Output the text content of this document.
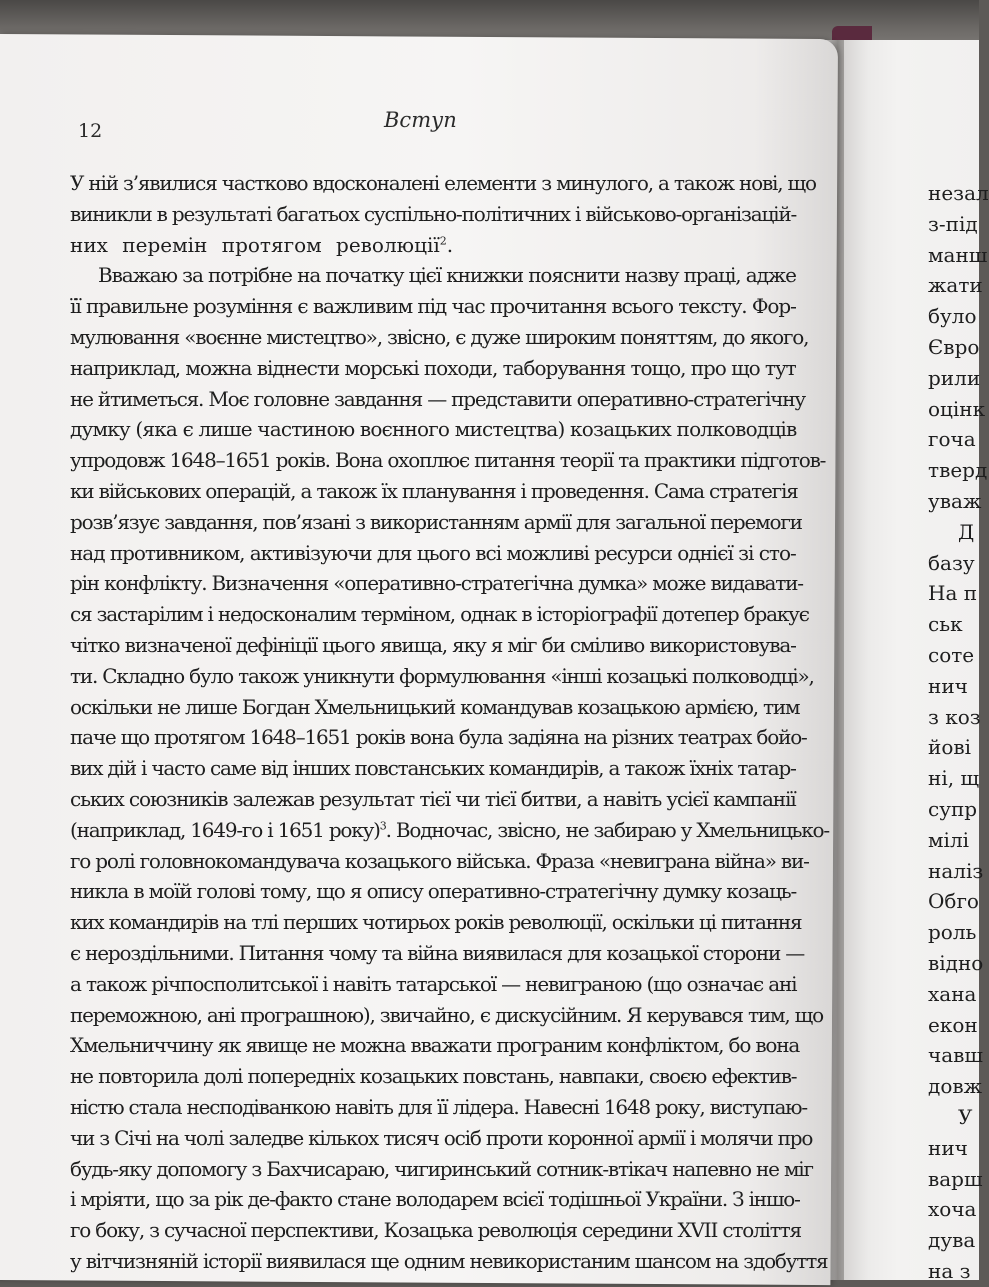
12	Вступ
У ній з’явилися частково вдосконалені елементи з минулого, а також нові, що
виникли в результаті багатьох суспільно-політичних і військово-організацій-
них перемін протягом революції$^2$.
Вважаю за потрібне на початку цієї книжки пояснити назву праці, адже
її правильне розуміння є важливим під час прочитання всього тексту. Фор-
мулювання «воєнне мистецтво», звісно, є дуже широким поняттям, до якого,
наприклад, можна віднести морські походи, таборування тощо, про що тут
не йтиметься. Моє головне завдання — представити оперативно-стратегічну
думку (яка є лише частиною воєнного мистецтва) козацьких полководців
упродовж 1648–1651 років. Вона охоплює питання теорії та практики підготов-
ки військових операцій, а також їх планування і проведення. Сама стратегія
розв’язує завдання, пов’язані з використанням армії для загальної перемоги
над противником, активізуючи для цього всі можливі ресурси однієї зі сто-
рін конфлікту. Визначення «оперативно-стратегічна думка» може видавати-
ся застарілим і недосконалим терміном, однак в історіографії дотепер бракує
чітко визначеної дефініції цього явища, яку я міг би сміливо використовува-
ти. Складно було також уникнути формулювання «інші козацькі полководці»,
оскільки не лише Богдан Хмельницький командував козацькою армією, тим
паче що протягом 1648–1651 років вона була задіяна на різних театрах бойо-
вих дій і часто саме від інших повстанських командирів, а також їхніх татар-
ських союзників залежав результат тієї чи тієї битви, а навіть усієї кампанії
(наприклад, 1649-го і 1651 року)$^3$. Водночас, звісно, не забираю у Хмельницько-
го ролі головнокомандувача козацького війська. Фраза «невиграна війна» ви-
никла в моїй голові тому, що я опису оперативно-стратегічну думку козаць-
ких командирів на тлі перших чотирьох років революції, оскільки ці питання
є нероздільними. Питання чому та війна виявилася для козацької сторони —
а також річпосполитської і навіть татарської — невиграною (що означає ані
переможною, ані програшною), звичайно, є дискусійним. Я керувався тим, що
Хмельниччину як явище не можна вважати програним конфліктом, бо вона
не повторила долі попередніх козацьких повстань, навпаки, своєю ефектив-
ністю стала несподіванкою навіть для її лідера. Навесні 1648 року, виступаю-
чи з Січі на чолі заледве кількох тисяч осіб проти коронної армії і молячи про
будь-яку допомогу з Бахчисараю, чигиринський сотник-втікач напевно не міг
і мріяти, що за рік де-факто стане володарем всієї тодішньої України. З іншо-
го боку, з сучасної перспективи, Козацька революція середини XVII століття
у вітчизняній історії виявилася ще одним невикористаним шансом на здобуття
незал
з-під
манш
жати
було
Євро
рили
оцінк
гоча
тверд
уваж
Д
базу
На п
ськ
соте
нич
з коз
йові
ні, щ
супр
мілі
наліз
Обго
роль
відно
хана
екон
чавш
довж
У
нич
варш
хоча
дува
на з
